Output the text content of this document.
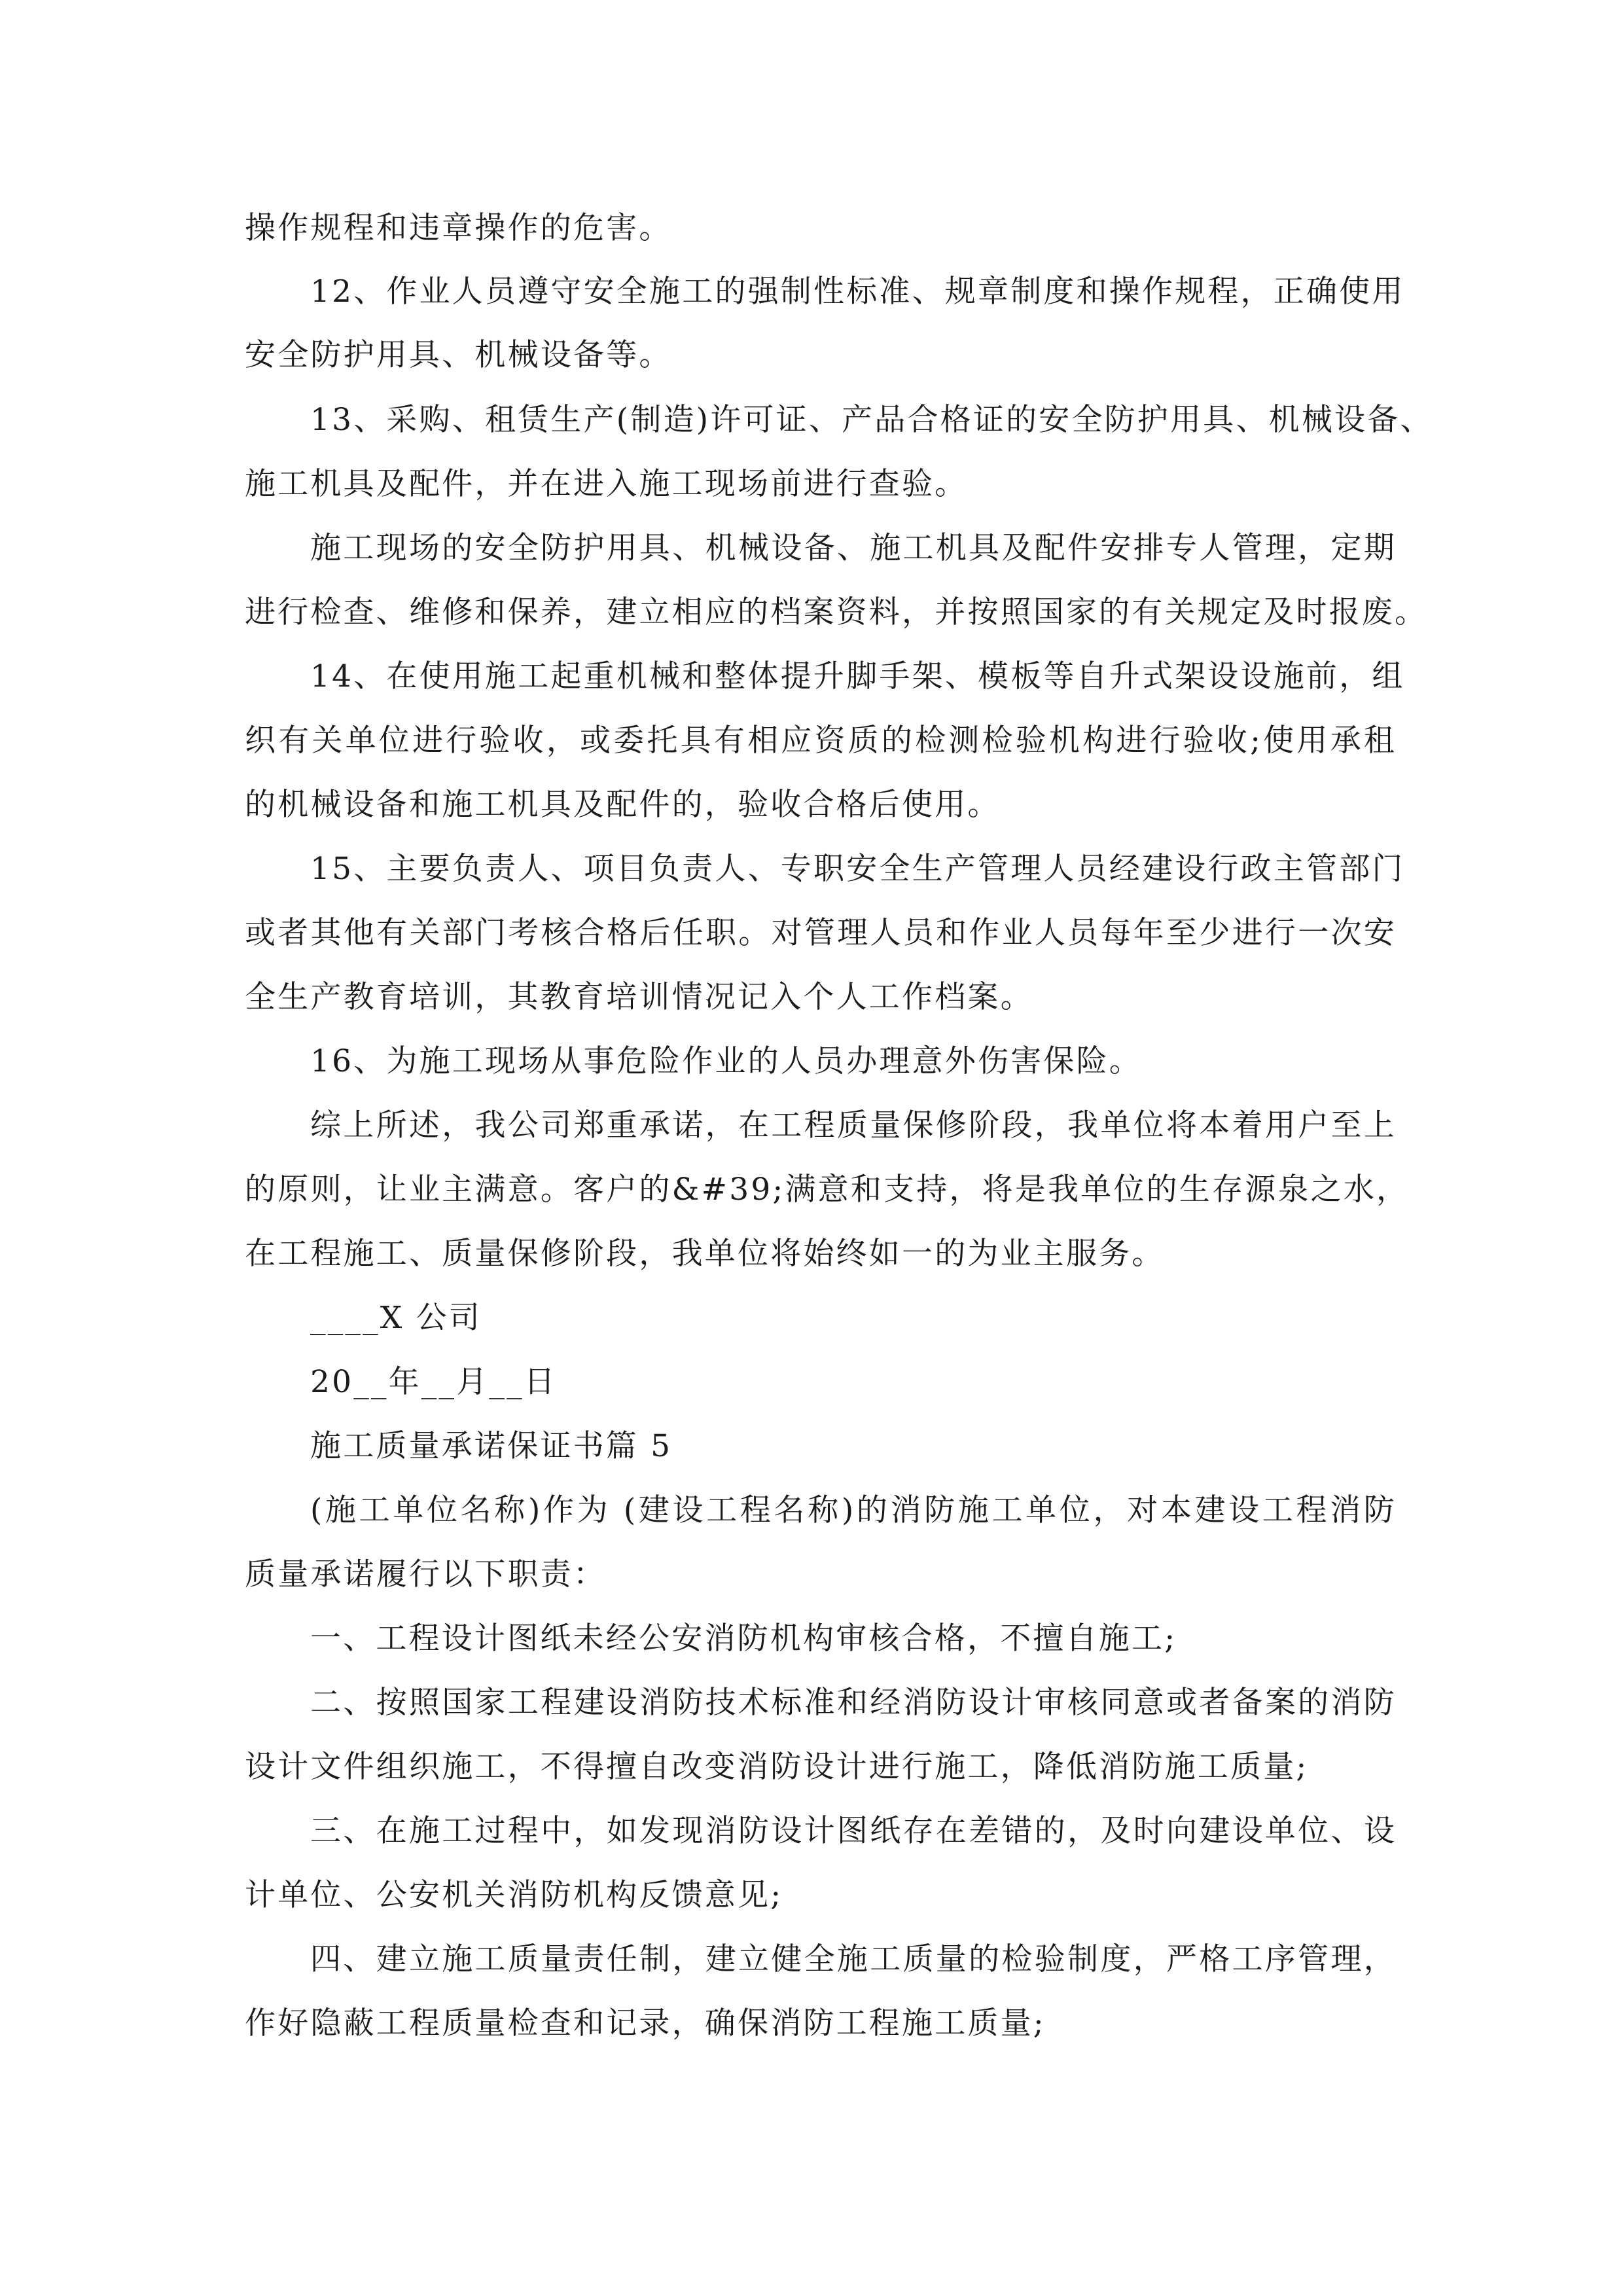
操作规程和违章操作的危害。
12、作业人员遵守安全施工的强制性标准、规章制度和操作规程，正确使用
安全防护用具、机械设备等。
13、采购、租赁生产(制造)许可证、产品合格证的安全防护用具、机械设备、
施工机具及配件，并在进入施工现场前进行查验。
施工现场的安全防护用具、机械设备、施工机具及配件安排专人管理，定期
进行检查、维修和保养，建立相应的档案资料，并按照国家的有关规定及时报废。
14、在使用施工起重机械和整体提升脚手架、模板等自升式架设设施前，组
织有关单位进行验收，或委托具有相应资质的检测检验机构进行验收;使用承租
的机械设备和施工机具及配件的，验收合格后使用。
15、主要负责人、项目负责人、专职安全生产管理人员经建设行政主管部门
或者其他有关部门考核合格后任职。对管理人员和作业人员每年至少进行一次安
全生产教育培训，其教育培训情况记入个人工作档案。
16、为施工现场从事危险作业的人员办理意外伤害保险。
综上所述，我公司郑重承诺，在工程质量保修阶段，我单位将本着用户至上
的原则，让业主满意。客户的&#39;满意和支持，将是我单位的生存源泉之水，
在工程施工、质量保修阶段，我单位将始终如一的为业主服务。
____X 公司
20__年__月__日
施工质量承诺保证书篇 5
(施工单位名称)作为 (建设工程名称)的消防施工单位，对本建设工程消防
质量承诺履行以下职责：
一、工程设计图纸未经公安消防机构审核合格，不擅自施工;
二、按照国家工程建设消防技术标准和经消防设计审核同意或者备案的消防
设计文件组织施工，不得擅自改变消防设计进行施工，降低消防施工质量;
三、在施工过程中，如发现消防设计图纸存在差错的，及时向建设单位、设
计单位、公安机关消防机构反馈意见;
四、建立施工质量责任制，建立健全施工质量的检验制度，严格工序管理，
作好隐蔽工程质量检查和记录，确保消防工程施工质量;
